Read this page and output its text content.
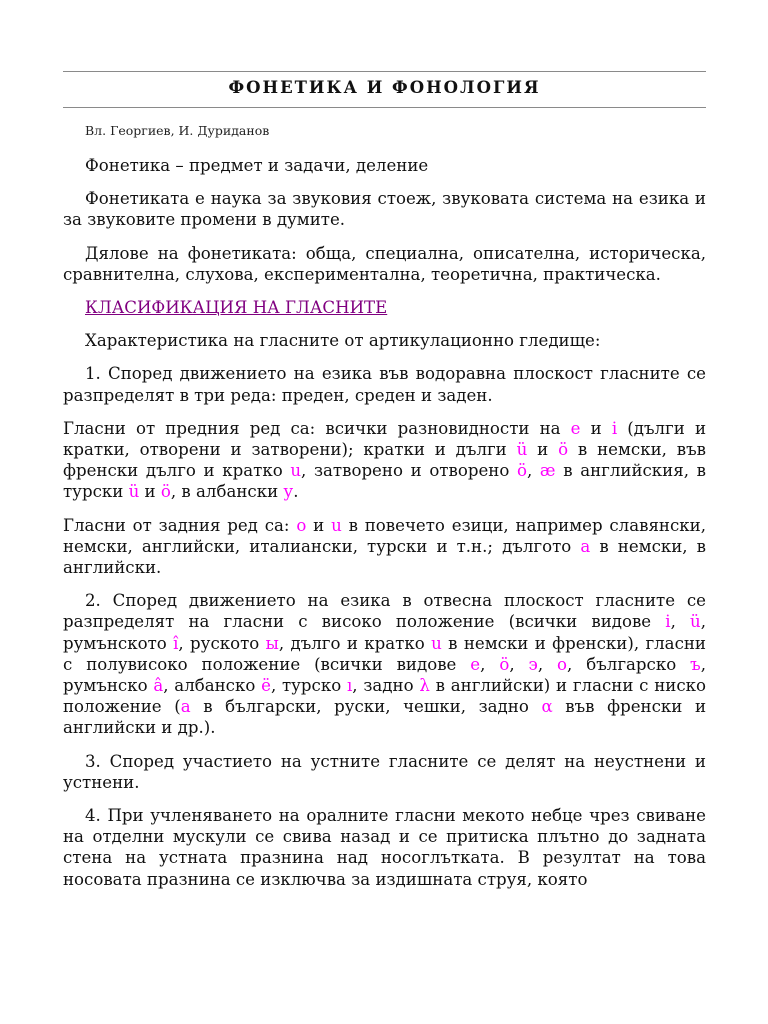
ФОНЕТИКА И ФОНОЛОГИЯ
Вл. Георгиев, И. Дуриданов

Фонетика – предмет и задачи, деление

Фонетиката е наука за звуковия стоеж, звуковата система на езика и за звуковите промени в думите.

Дялове на фонетиката: обща, специална, описателна, историческа, сравнителна, слухова, експериментална, теоретична, практическа.

КЛАСИФИКАЦИЯ НА ГЛАСНИТЕ

Характеристика на гласните от артикулационно гледище:

1. Според движението на езика във водоравна плоскост гласните се разпределят в три реда: преден, среден и заден.

Гласни от предния ред са: всички разновидности на е и i (дълги и кратки, отворени и затворени); кратки и дълги ü и ö в немски, във френски дълго и кратко u, затворено и отворено ö, æ в английския, в турски ü и ö, в албански у.

Гласни от задния ред са: о и u в повечето езици, например славянски, немски, английски, италиански, турски и т.н.; дългото а в немски, в английски.

2. Според движението на езика в отвесна плоскост гласните се разпределят на гласни с високо положение (всички видове i, ü, румънското î, руското ы, дълго и кратко u в немски и френски), гласни с полувисоко положение (всички видове е, ö, э, о, българско ъ, румънско â, албанско ë, турско ı, задно λ в английски) и гласни с ниско положение (а в български, руски, чешки, задно α във френски и английски и др.).

3. Според участието на устните гласните се делят на неустнени и устнени.

4. При учленяването на оралните гласни мекото небце чрез свиване на отделни мускули се свива назад и се притиска плътно до задната стена на устната празнина над носоглътката. В резултат на това носовата празнина се изключва за издишната струя, която
